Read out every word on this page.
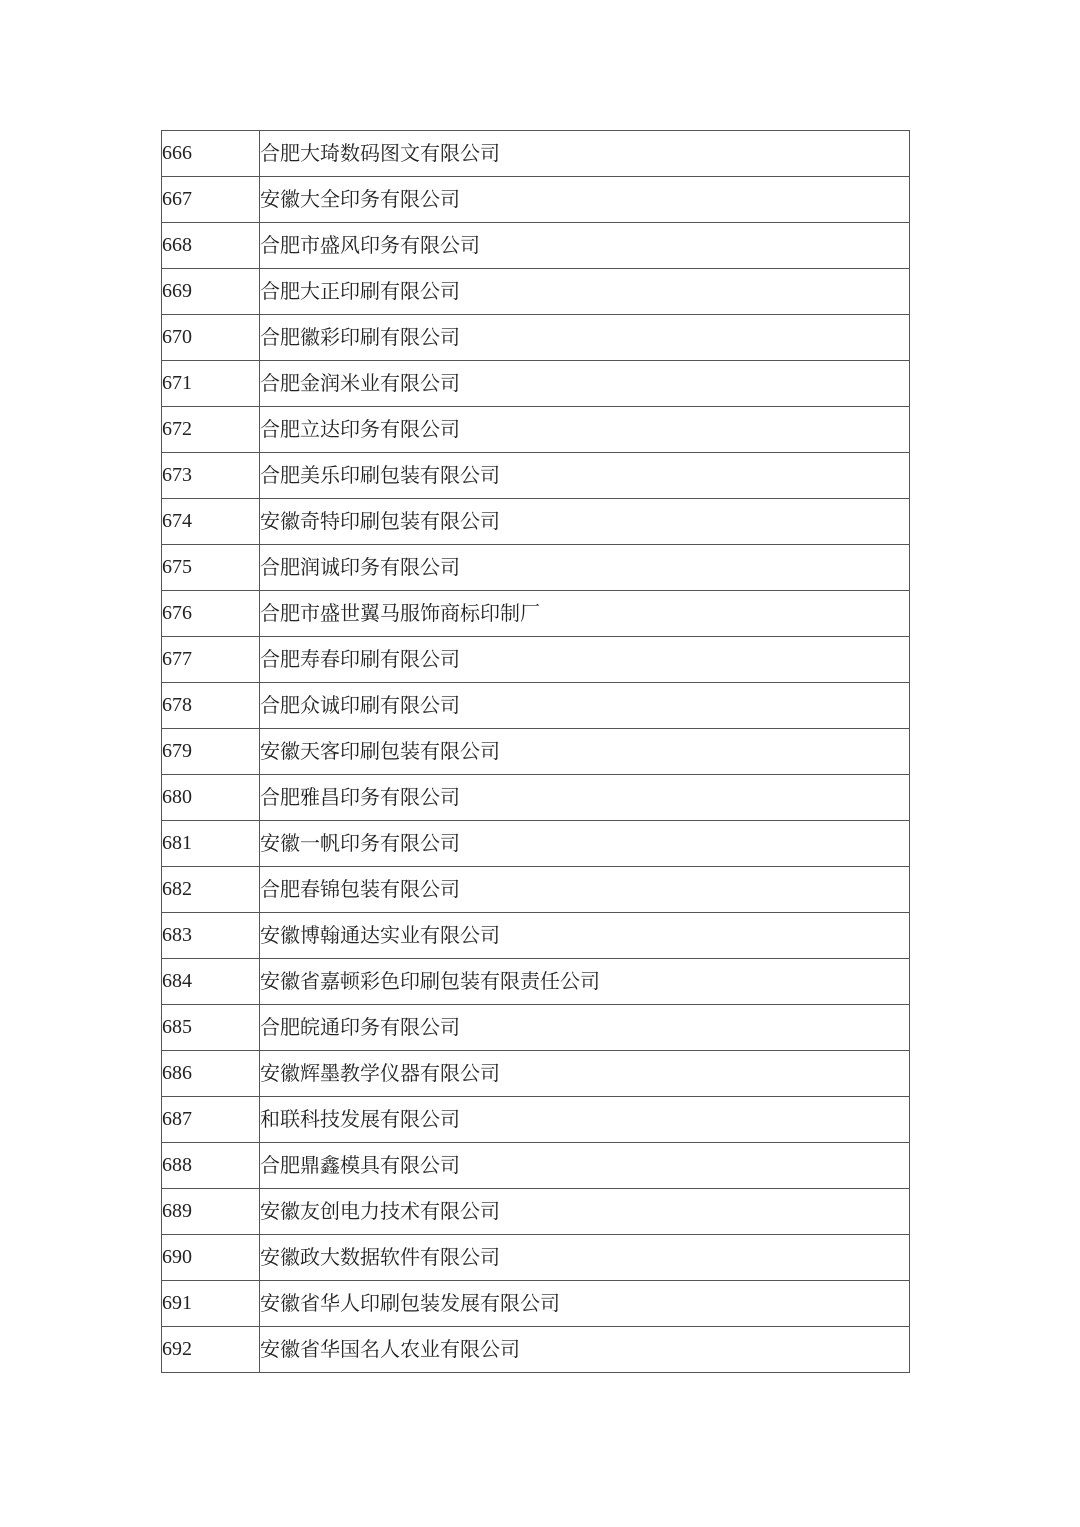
666	合肥大琦数码图文有限公司
667	安徽大全印务有限公司
668	合肥市盛风印务有限公司
669	合肥大正印刷有限公司
670	合肥徽彩印刷有限公司
671	合肥金润米业有限公司
672	合肥立达印务有限公司
673	合肥美乐印刷包装有限公司
674	安徽奇特印刷包装有限公司
675	合肥润诚印务有限公司
676	合肥市盛世翼马服饰商标印制厂
677	合肥寿春印刷有限公司
678	合肥众诚印刷有限公司
679	安徽天客印刷包装有限公司
680	合肥雅昌印务有限公司
681	安徽一帆印务有限公司
682	合肥春锦包装有限公司
683	安徽博翰通达实业有限公司
684	安徽省嘉顿彩色印刷包装有限责任公司
685	合肥皖通印务有限公司
686	安徽辉墨教学仪器有限公司
687	和联科技发展有限公司
688	合肥鼎鑫模具有限公司
689	安徽友创电力技术有限公司
690	安徽政大数据软件有限公司
691	安徽省华人印刷包装发展有限公司
692	安徽省华国名人农业有限公司
